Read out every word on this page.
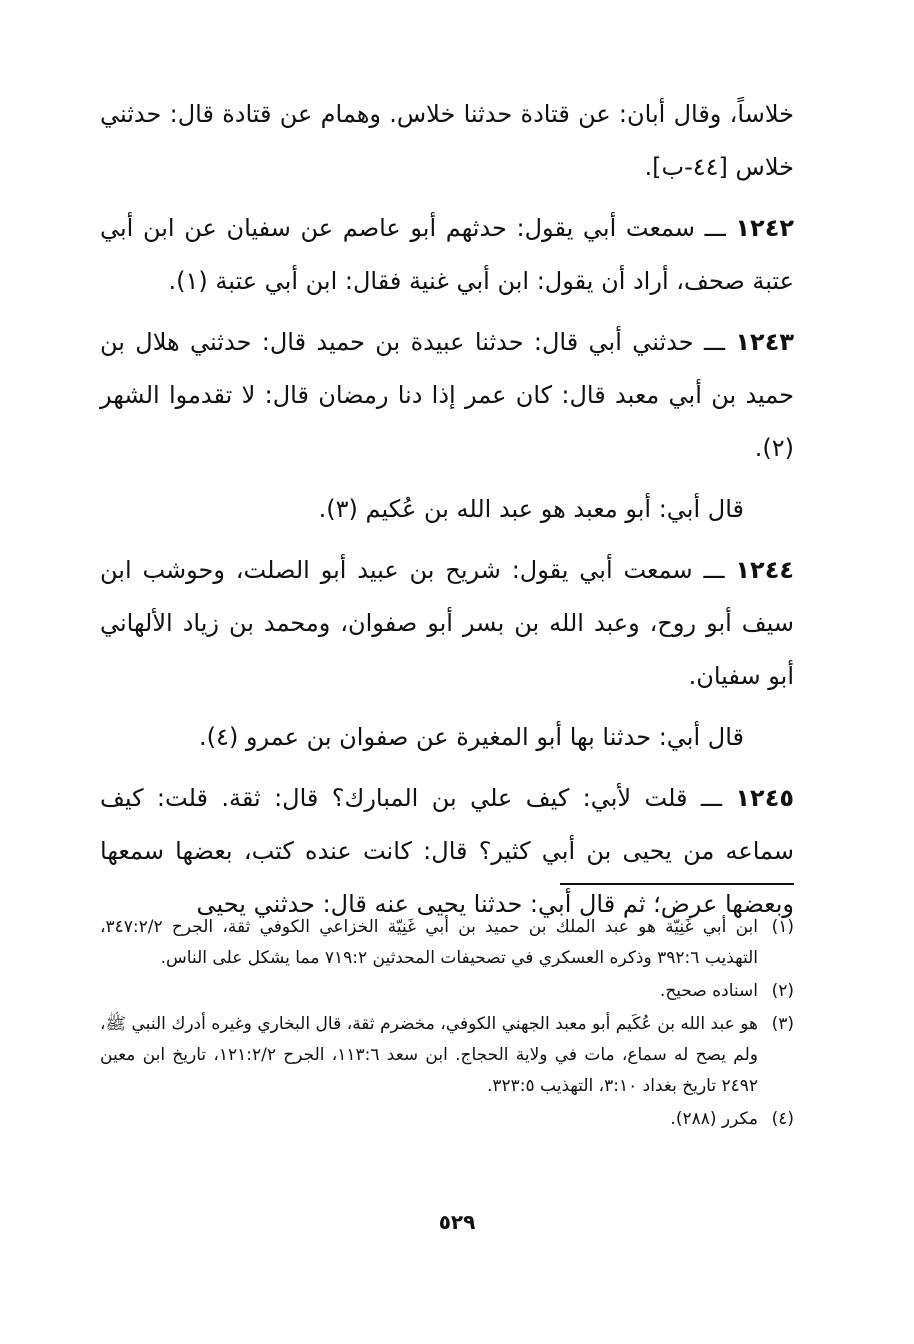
خلاساً، وقال أبان: عن قتادة حدثنا خلاس. وهمام عن قتادة قال: حدثني خلاس [٤٤-ب].

١٢٤٢ ـــ سمعت أبي يقول: حدثهم أبو عاصم عن سفيان عن ابن أبي عتبة صحف، أراد أن يقول: ابن أبي غنية فقال: ابن أبي عتبة (١).

١٢٤٣ ـــ حدثني أبي قال: حدثنا عبيدة بن حميد قال: حدثني هلال بن حميد بن أبي معبد قال: كان عمر إذا دنا رمضان قال: لا تقدموا الشهر (٢).

قال أبي: أبو معبد هو عبد الله بن عُكيم (٣).

١٢٤٤ ـــ سمعت أبي يقول: شريح بن عبيد أبو الصلت، وحوشب ابن سيف أبو روح، وعبد الله بن بسر أبو صفوان، ومحمد بن زياد الألهاني أبو سفيان.

قال أبي: حدثنا بها أبو المغيرة عن صفوان بن عمرو (٤).

١٢٤٥ ـــ قلت لأبي: كيف علي بن المبارك؟ قال: ثقة. قلت: كيف سماعه من يحيى بن أبي كثير؟ قال: كانت عنده كتب، بعضها سمعها وبعضها عرض؛ ثم قال أبي: حدثنا يحيى عنه قال: حدثني يحيى

(١)
ابن أبي غَنِيّة هو عبد الملك بن حميد بن أبي غَنِيّة الخزاعي الكوفي ثقة، الجرح ٣٤٧:٢/٢، التهذيب ٣٩٢:٦ وذكره العسكري في تصحيفات المحدثين ٧١٩:٢ مما يشكل على الناس.
(٢)
اسناده صحيح.
(٣)
هو عبد الله بن عُكَيم أبو معبد الجهني الكوفي، مخضرم ثقة، قال البخاري وغيره أدرك النبي ﷺ، ولم يصح له سماع، مات في ولاية الحجاج. ابن سعد ١١٣:٦، الجرح ١٢١:٢/٢، تاريخ ابن معين ٢٤٩٢ تاريخ بغداد ٣:١٠، التهذيب ٣٢٣:٥.
(٤)
مكرر (٢٨٨).
٥٢٩
